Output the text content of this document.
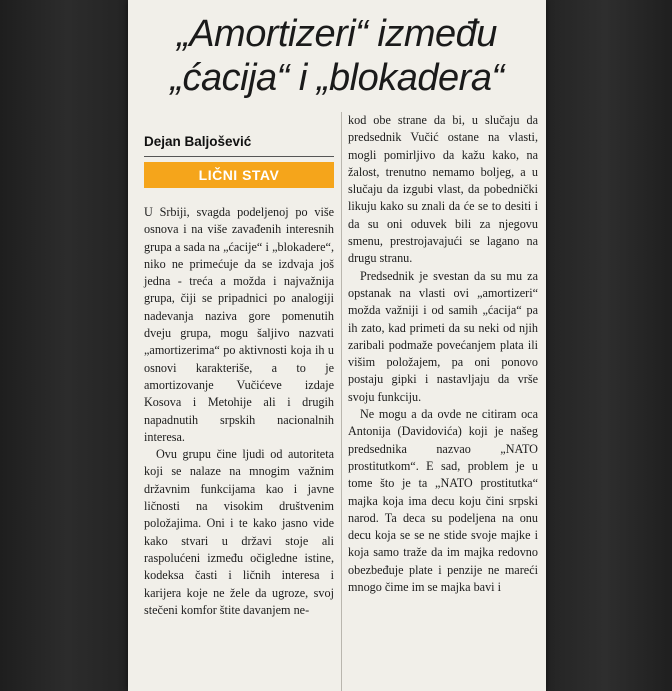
„Amortizeri“ između
„ćacija“ i „blokadera“
Dejan Baljošević
LIČNI STAV

U Srbiji, svagda podeljenoj po više osnova i na više zavađenih interesnih grupa a sada na „ćacije“ i „blokadere“, niko ne primećuje da se izdvaja još jedna - treća a možda i najvažnija grupa, čiji se pripadnici po analogiji nadevanja naziva gore pomenutih dveju grupa, mogu šaljivo nazvati „amortizerima“ po aktivnosti koja ih u osnovi karakteriše, a to je amortizovanje Vučićeve izdaje Kosova i Metohije ali i drugih napadnutih srpskih nacionalnih interesa.

Ovu grupu čine ljudi od autoriteta koji se nalaze na mnogim važnim državnim funkcijama kao i javne ličnosti na visokim društvenim položajima. Oni i te kako jasno vide kako stvari u državi stoje ali raspolućeni između očigledne istine, kodeksa časti i ličnih interesa i karijera koje ne žele da ugroze, svoj stečeni komfor štite davanjem ne-

kod obe strane da bi, u slučaju da predsednik Vučić ostane na vlasti, mogli pomirljivo da kažu kako, na žalost, trenutno nemamo boljeg, a u slučaju da izgubi vlast, da pobednički likuju kako su znali da će se to desiti i da su oni oduvek bili za njegovu smenu, prestrojavajući se lagano na drugu stranu.

Predsednik je svestan da su mu za opstanak na vlasti ovi „amortizeri“ možda važniji i od samih „ćacija“ pa ih zato, kad primeti da su neki od njih zaribali podmaže povećanjem plata ili višim položajem, pa oni ponovo postaju gipki i nastavljaju da vrše svoju funkciju.

Ne mogu a da ovde ne citiram oca Antonija (Davidovića) koji je našeg predsednika nazvao „NATO prostitutkom“. E sad, problem je u tome što je ta „NATO prostitutka“ majka koja ima decu koju čini srpski narod. Ta deca su podeljena na onu decu koja se se ne stide svoje majke i koja samo traže da im majka redovno obezbeđuje plate i penzije ne mareći mnogo čime im se majka bavi i
